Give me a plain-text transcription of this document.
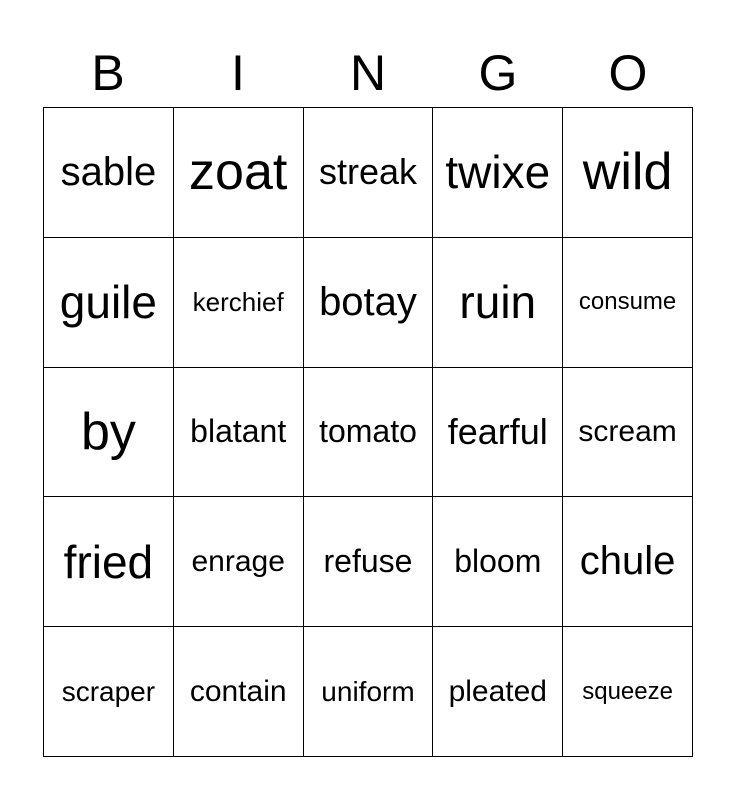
B	I	N	G	O
sable zoat streak twixe wild
guile	kerchief botay ruin	consume
by	blatant	tomato fearful	scream
fried	enrage	refuse	bloom chule
scraper	contain	uniform	pleated	squeeze
